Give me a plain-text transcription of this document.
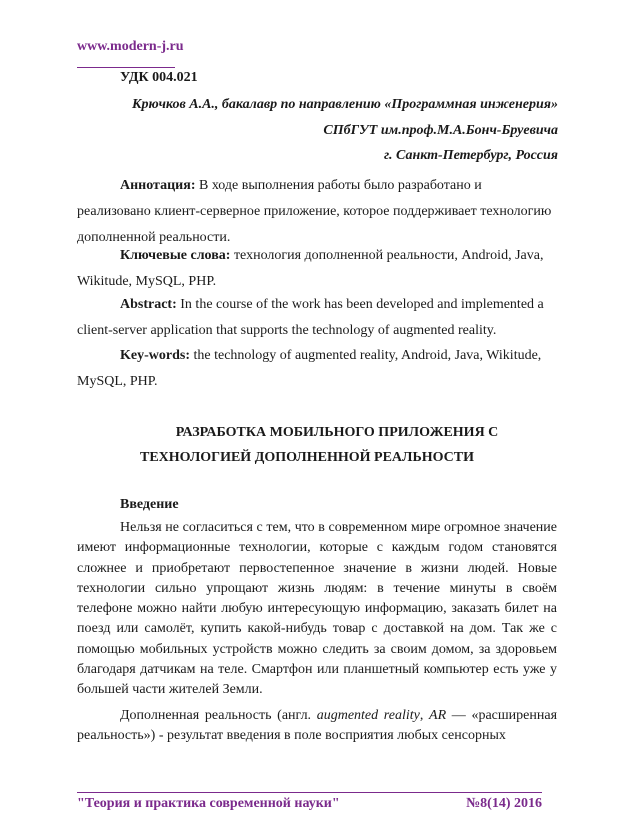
www.modern-j.ru
УДК 004.021
Крючков А.А., бакалавр по направлению «Программная инженерия»
СПбГУТ им.проф.М.А.Бонч-Бруевича
г. Санкт-Петербург, Россия
Аннотация: В ходе выполнения работы было разработано и реализовано клиент-серверное приложение, которое поддерживает технологию дополненной реальности.
Ключевые слова: технология дополненной реальности, Android, Java, Wikitude, MySQL, PHP.
Abstract: In the course of the work has been developed and implemented a client-server application that supports the technology of augmented reality.
Key-words: the technology of augmented reality, Android, Java, Wikitude, MySQL, PHP.
РАЗРАБОТКА МОБИЛЬНОГО ПРИЛОЖЕНИЯ С
ТЕХНОЛОГИЕЙ ДОПОЛНЕННОЙ РЕАЛЬНОСТИ
Введение
Нельзя не согласиться с тем, что в современном мире огромное значение имеют информационные технологии, которые с каждым годом становятся сложнее и приобретают первостепенное значение в жизни людей. Новые технологии сильно упрощают жизнь людям: в течение минуты в своём телефоне можно найти любую интересующую информацию, заказать билет на поезд или самолёт, купить какой-нибудь товар с доставкой на дом. Так же с помощью мобильных устройств можно следить за своим домом, за здоровьем благодаря датчикам на теле. Смартфон или планшетный компьютер есть уже у большей части жителей Земли.
Дополненная реальность (англ. augmented reality, AR — «расширенная реальность») - результат введения в поле восприятия любых сенсорных
"Теория и практика современной науки"	№8(14) 2016
